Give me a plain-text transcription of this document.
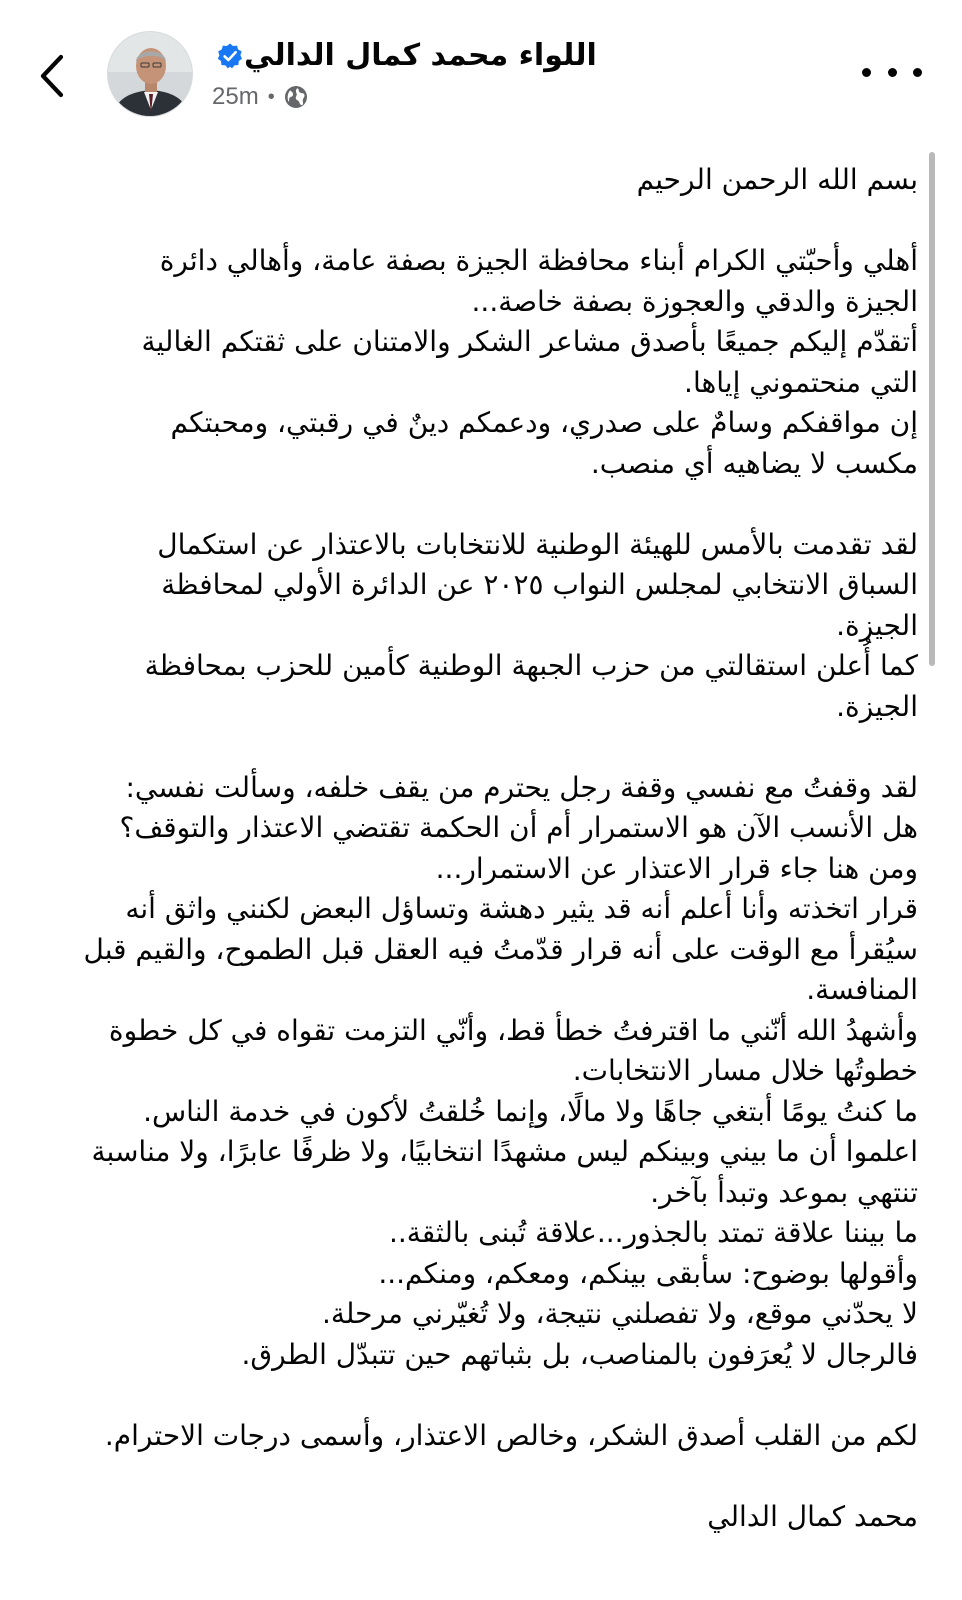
اللواء محمد كمال الدالي
25m •

بسم الله الرحمن الرحيم

أهلي وأحبّتي الكرام أبناء محافظة الجيزة بصفة عامة، وأهالي دائرة

الجيزة والدقي والعجوزة بصفة خاصة...

أتقدّم إليكم جميعًا بأصدق مشاعر الشكر والامتنان على ثقتكم الغالية

التي منحتموني إياها.

إن مواقفكم وسامٌ على صدري، ودعمكم دينٌ في رقبتي، ومحبتكم

مكسب لا يضاهيه أي منصب.

لقد تقدمت بالأمس للهيئة الوطنية للانتخابات بالاعتذار عن استكمال

السباق الانتخابي لمجلس النواب ٢٠٢٥ عن الدائرة الأولي لمحافظة

الجيزة.

كما أُعلن استقالتي من حزب الجبهة الوطنية كأمين للحزب بمحافظة

الجيزة.

لقد وقفتُ مع نفسي وقفة رجل يحترم من يقف خلفه، وسألت نفسي:

هل الأنسب الآن هو الاستمرار أم أن الحكمة تقتضي الاعتذار والتوقف؟

ومن هنا جاء قرار الاعتذار عن الاستمرار...

قرار اتخذته وأنا أعلم أنه قد يثير دهشة وتساؤل البعض لكنني واثق أنه

سيُقرأ مع الوقت على أنه قرار قدّمتُ فيه العقل قبل الطموح، والقيم قبل

المنافسة.

وأشهدُ الله أنّني ما اقترفتُ خطأ قط، وأنّي التزمت تقواه في كل خطوة

خطوتُها خلال مسار الانتخابات.

ما كنتُ يومًا أبتغي جاهًا ولا مالًا، وإنما خُلقتُ لأكون في خدمة الناس.

اعلموا أن ما بيني وبينكم ليس مشهدًا انتخابيًا، ولا ظرفًا عابرًا، ولا مناسبة

تنتهي بموعد وتبدأ بآخر.

ما بيننا علاقة تمتد بالجذور...علاقة تُبنى بالثقة..

وأقولها بوضوح: سأبقى بينكم، ومعكم، ومنكم...

لا يحدّني موقع، ولا تفصلني نتيجة، ولا تُغيّرني مرحلة.

فالرجال لا يُعرَفون بالمناصب، بل بثباتهم حين تتبدّل الطرق.

لكم من القلب أصدق الشكر، وخالص الاعتذار، وأسمى درجات الاحترام.

محمد كمال الدالي
